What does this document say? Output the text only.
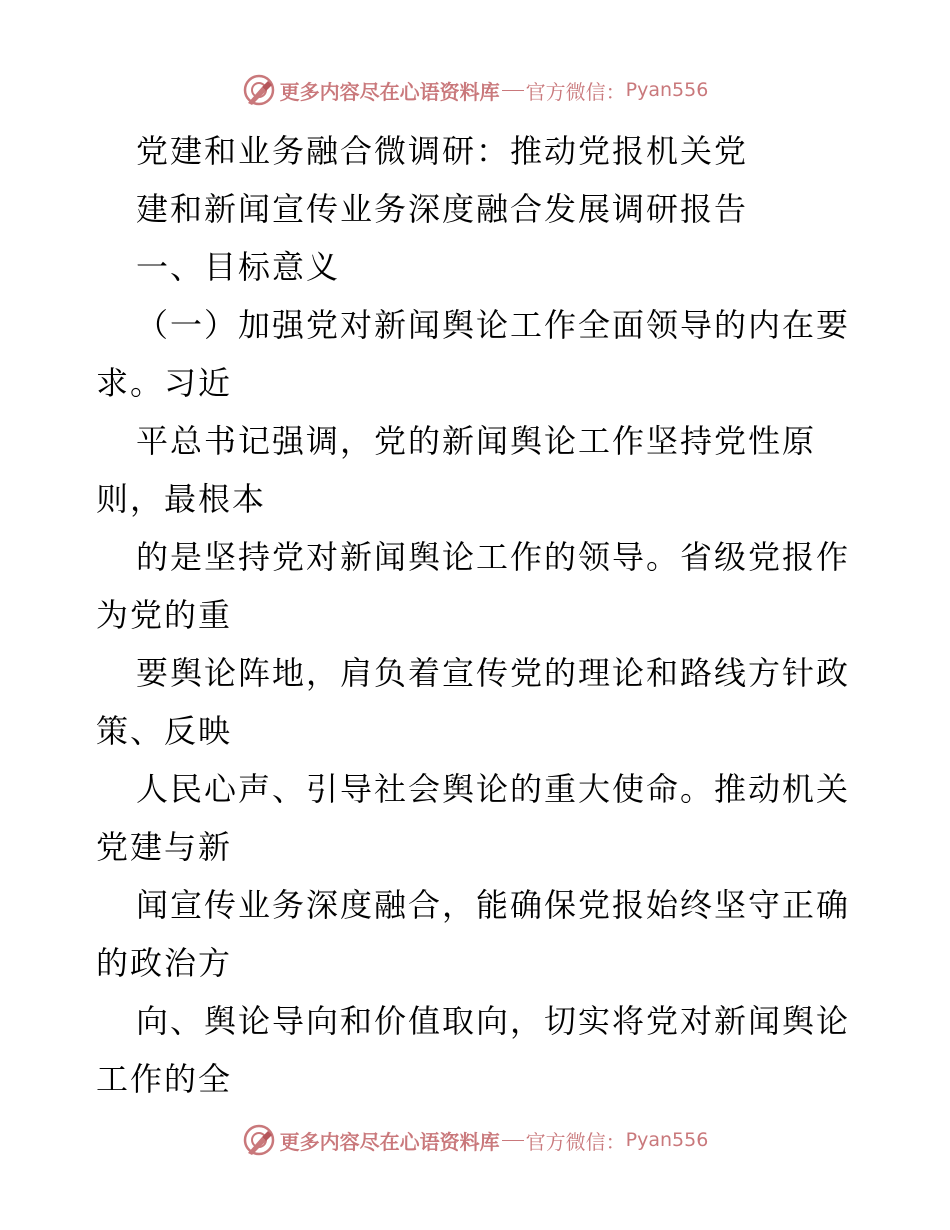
更多内容尽在心语资料库 官方微信： Pyan556
党建和业务融合微调研：推动党报机关党
建和新闻宣传业务深度融合发展调研报告
一、目标意义
（一）加强党对新闻舆论工作全面领导的内在要
求。习近
平总书记强调，党的新闻舆论工作坚持党性原
则，最根本
的是坚持党对新闻舆论工作的领导。省级党报作
为党的重
要舆论阵地，肩负着宣传党的理论和路线方针政
策、反映
人民心声、引导社会舆论的重大使命。推动机关
党建与新
闻宣传业务深度融合，能确保党报始终坚守正确
的政治方
向、舆论导向和价值取向，切实将党对新闻舆论
工作的全
更多内容尽在心语资料库 官方微信： Pyan556
